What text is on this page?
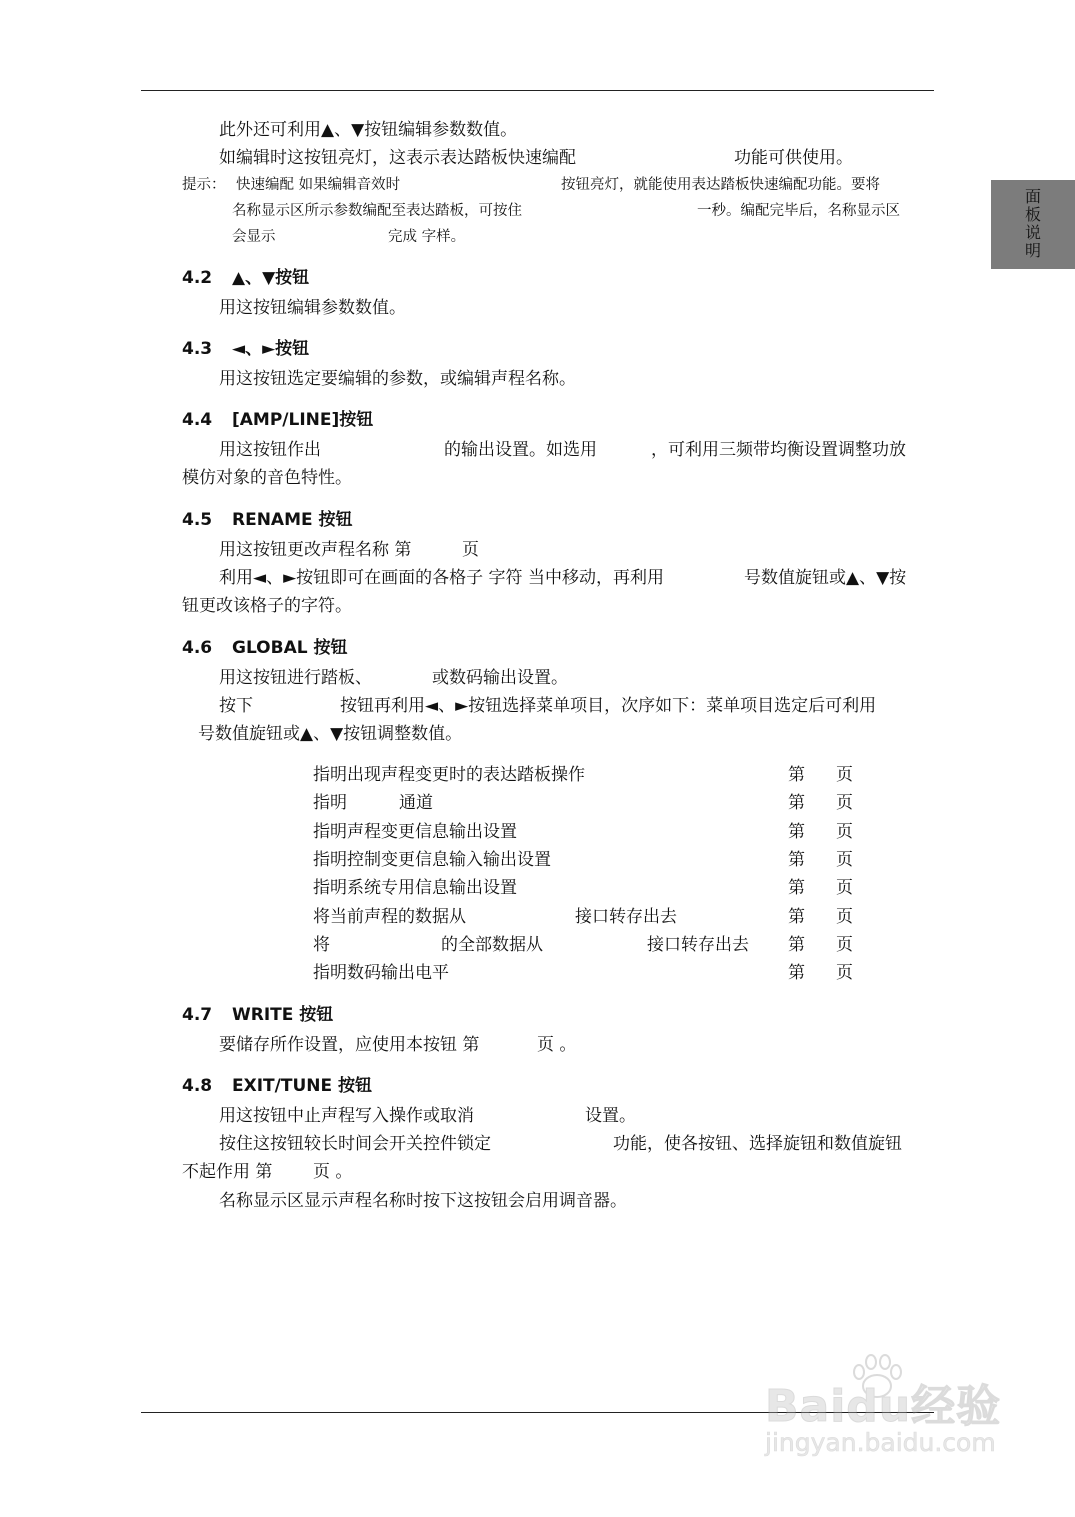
面
板
说
明
此外还可利用▲、▼按钮编辑参数数值。
如编辑时这按钮亮灯，这表示表达踏板快速编配	功能可供使用。
提示： 快速编配 如果编辑音效时	按钮亮灯，就能使用表达踏板快速编配功能。要将
名称显示区所示参数编配至表达踏板，可按住	一秒。编配完毕后，名称显示区
会显示	完成 字样。
4.2 ▲、▼按钮
用这按钮编辑参数数值。
4.3 ◄、►按钮
用这按钮选定要编辑的参数，或编辑声程名称。
4.4 [AMP/LINE]按钮
用这按钮作出	的输出设置。如选用	，可利用三频带均衡设置调整功放
模仿对象的音色特性。
4.5 RENAME 按钮
用这按钮更改声程名称 第	页
利用◄、►按钮即可在画面的各格子 字符 当中移动，再利用	号数值旋钮或▲、▼按
钮更改该格子的字符。
4.6 GLOBAL 按钮
用这按钮进行踏板、	或数码输出设置。
按下	按钮再利用◄、►按钮选择菜单项目，次序如下：菜单项目选定后可利用
号数值旋钮或▲、▼按钮调整数值。
指明出现声程变更时的表达踏板操作	第 页
指明	通道	第 页
指明声程变更信息输出设置	第 页
指明控制变更信息输入输出设置	第 页
指明系统专用信息输出设置	第 页
将当前声程的数据从	接口转存出去	第 页
将	的全部数据从	接口转存出去 第 页
指明数码输出电平	第 页
4.7 WRITE 按钮
要储存所作设置，应使用本按钮 第	页 。
4.8 EXIT/TUNE 按钮
用这按钮中止声程写入操作或取消	设置。
按住这按钮较长时间会开关控件锁定	功能，使各按钮、选择旋钮和数值旋钮
不起作用 第 页 。
名称显示区显示声程名称时按下这按钮会启用调音器。
Baidu经验
jingyan.baidu.com
